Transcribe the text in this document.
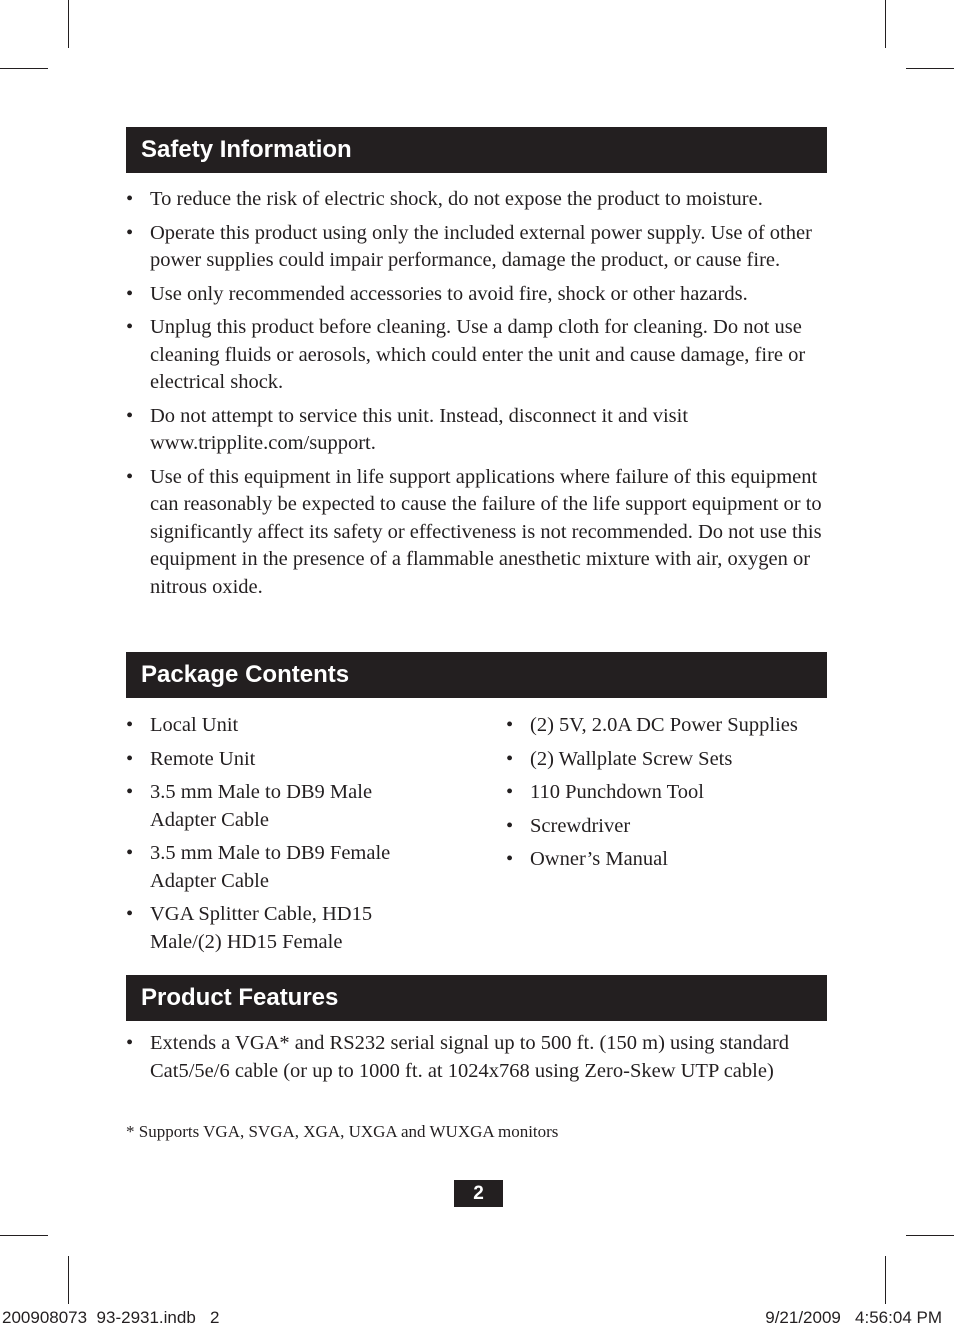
Safety Information
• To reduce the risk of electric shock, do not expose the product to moisture.
• Operate this product using only the included external power supply. Use of other power supplies could impair performance, damage the product, or cause fire.
• Use only recommended accessories to avoid fire, shock or other hazards.
• Unplug this product before cleaning. Use a damp cloth for cleaning. Do not use cleaning fluids or aerosols, which could enter the unit and cause damage, fire or electrical shock.
• Do not attempt to service this unit. Instead, disconnect it and visit www.tripplite.com/support.
• Use of this equipment in life support applications where failure of this equipment can reasonably be expected to cause the failure of the life support equipment or to significantly affect its safety or effectiveness is not recommended. Do not use this equipment in the presence of a flammable anesthetic mixture with air, oxygen or nitrous oxide.
Package Contents
• Local Unit
• Remote Unit
• 3.5 mm Male to DB9 Male Adapter Cable
• 3.5 mm Male to DB9 Female Adapter Cable
• VGA Splitter Cable, HD15 Male/(2) HD15 Female
• (2) 5V, 2.0A DC Power Supplies
• (2) Wallplate Screw Sets
• 110 Punchdown Tool
• Screwdriver
• Owner’s Manual
Product Features
• Extends a VGA* and RS232 serial signal up to 500 ft. (150 m) using standard Cat5/5e/6 cable (or up to 1000 ft. at 1024x768 using Zero-Skew UTP cable)
* Supports VGA, SVGA, XGA, UXGA and WUXGA monitors
2
200908073  93-2931.indb   2	9/21/2009   4:56:04 PM
